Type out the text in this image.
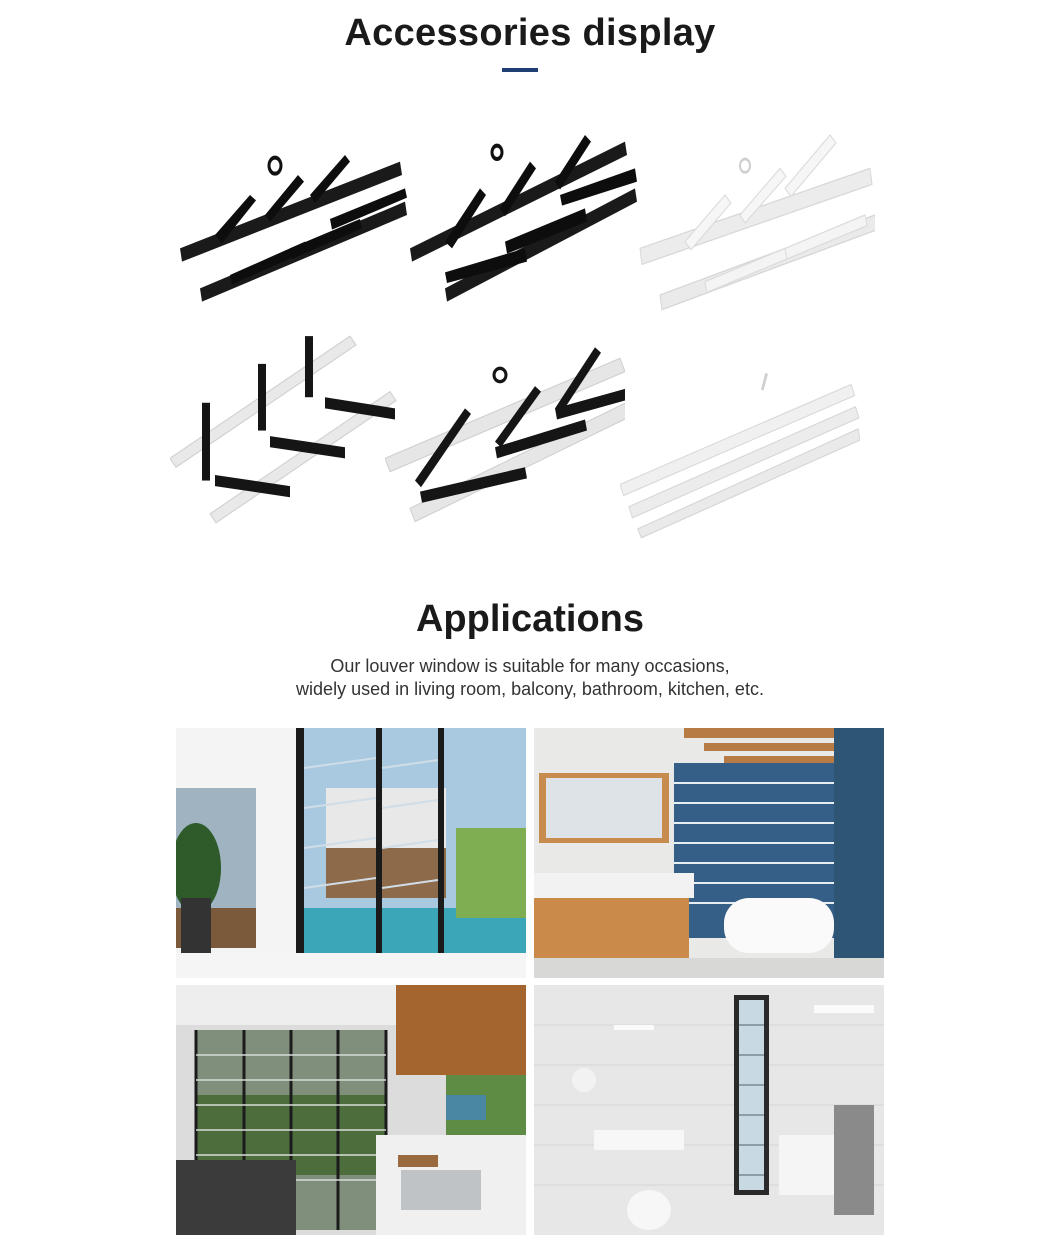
Accessories display
Applications

Our louver window is suitable for many occasions,

widely used in living room, balcony, bathroom, kitchen, etc.
